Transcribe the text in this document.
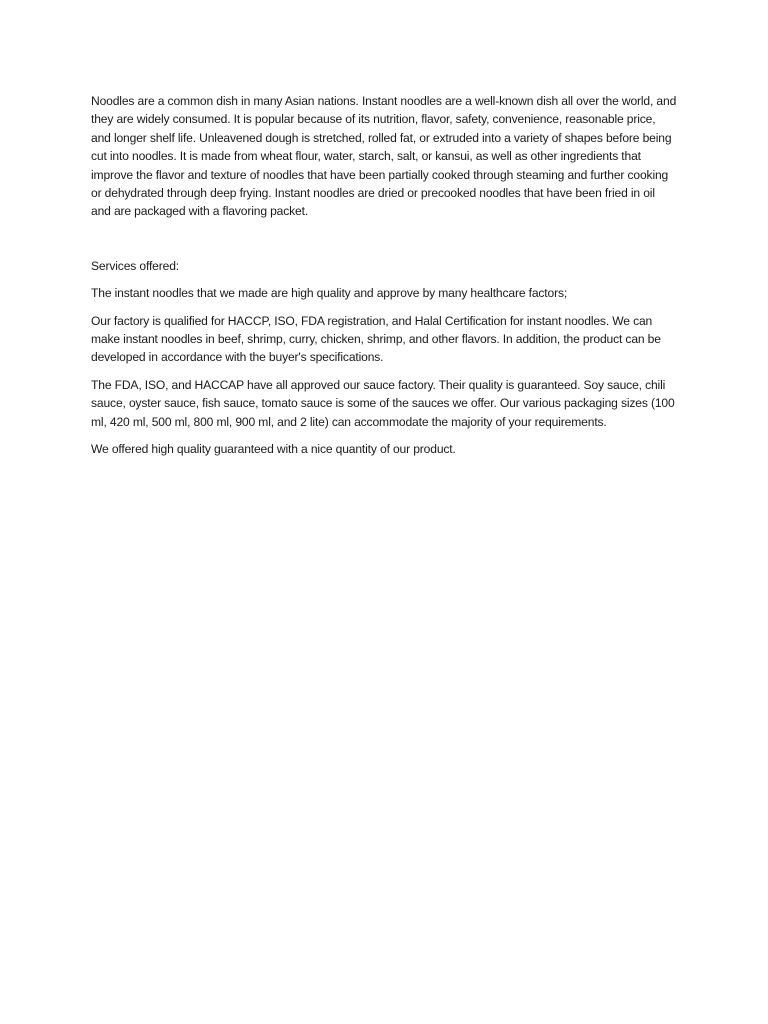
Noodles are a common dish in many Asian nations. Instant noodles are a well-known dish all over the world, and they are widely consumed. It is popular because of its nutrition, flavor, safety, convenience, reasonable price, and longer shelf life. Unleavened dough is stretched, rolled fat, or extruded into a variety of shapes before being cut into noodles. It is made from wheat flour, water, starch, salt, or kansui, as well as other ingredients that improve the flavor and texture of noodles that have been partially cooked through steaming and further cooking or dehydrated through deep frying. Instant noodles are dried or precooked noodles that have been fried in oil and are packaged with a flavoring packet.

Services offered:

The instant noodles that we made are high quality and approve by many healthcare factors;

Our factory is qualified for HACCP, ISO, FDA registration, and Halal Certification for instant noodles. We can make instant noodles in beef, shrimp, curry, chicken, shrimp, and other flavors. In addition, the product can be developed in accordance with the buyer's specifications.

The FDA, ISO, and HACCAP have all approved our sauce factory. Their quality is guaranteed. Soy sauce, chili sauce, oyster sauce, fish sauce, tomato sauce is some of the sauces we offer. Our various packaging sizes (100 ml, 420 ml, 500 ml, 800 ml, 900 ml, and 2 lite) can accommodate the majority of your requirements.

We offered high quality guaranteed with a nice quantity of our product.
